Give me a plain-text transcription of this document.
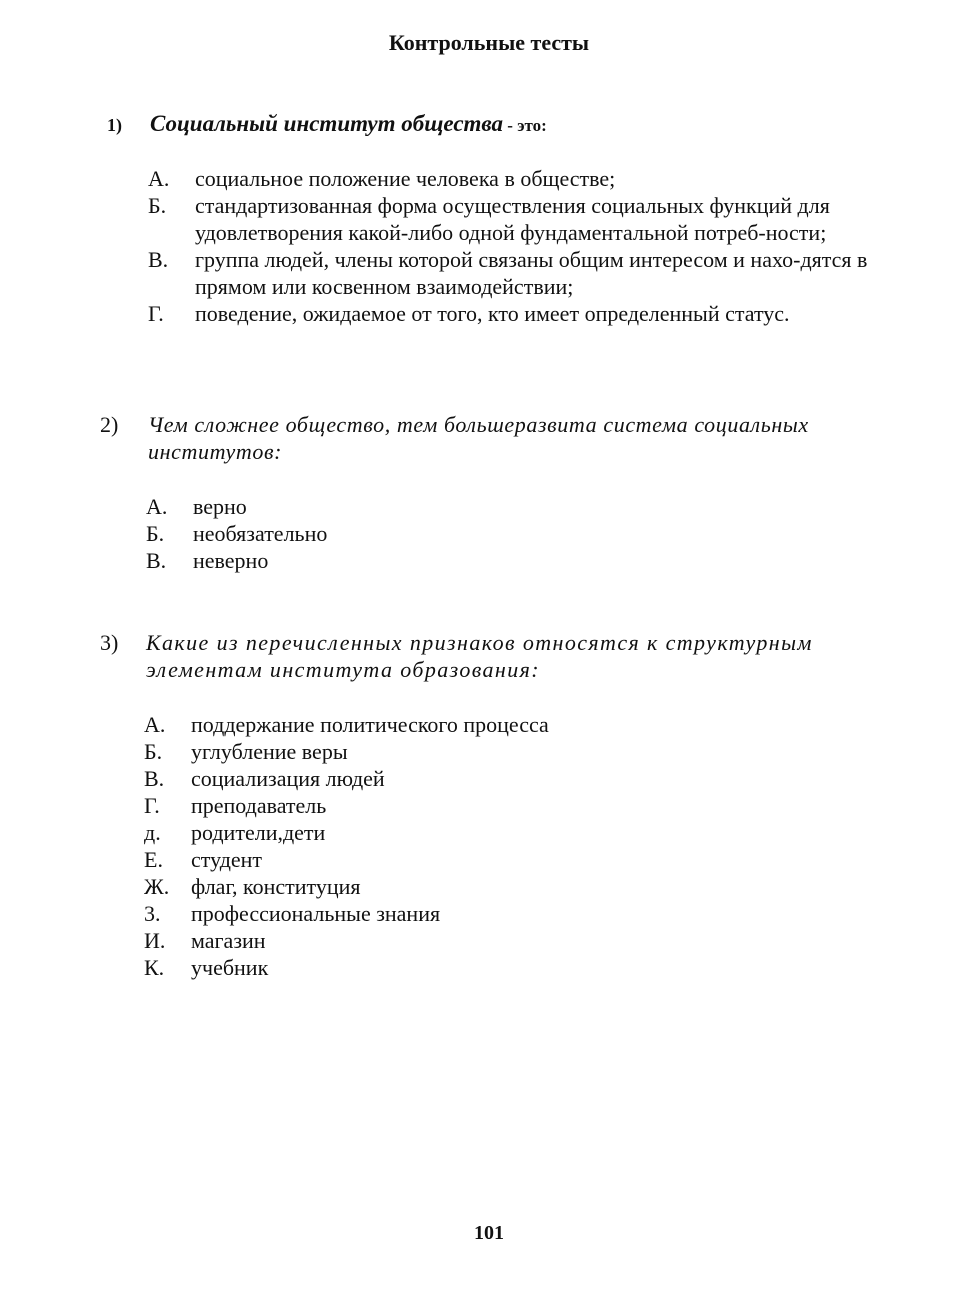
Контрольные тесты
1) Социальный институт общества - это:
А. социальное положение человека в обществе;
Б. стандартизованная форма осуществления социальных функций для удовлетворения какой-либо одной фундаментальной потреб-ности;
В. группа людей, члены которой связаны общим интересом и нахо-дятся в прямом или косвенном взаимодействии;
Г. поведение, ожидаемое от того, кто имеет определенный статус.
2) Чем сложнее общество, тем большеразвита система социальных институтов:
А. верно
Б. необязательно
В. неверно
3) Какие из перечисленных признаков относятся к структурным элементам института образования:
А. поддержание политического процесса
Б. углубление веры
В. социализация людей
Г. преподаватель
д. родители,дети
Е. студент
Ж. флаг, конституция
3. профессиональные знания
И. магазин
К. учебник
101
